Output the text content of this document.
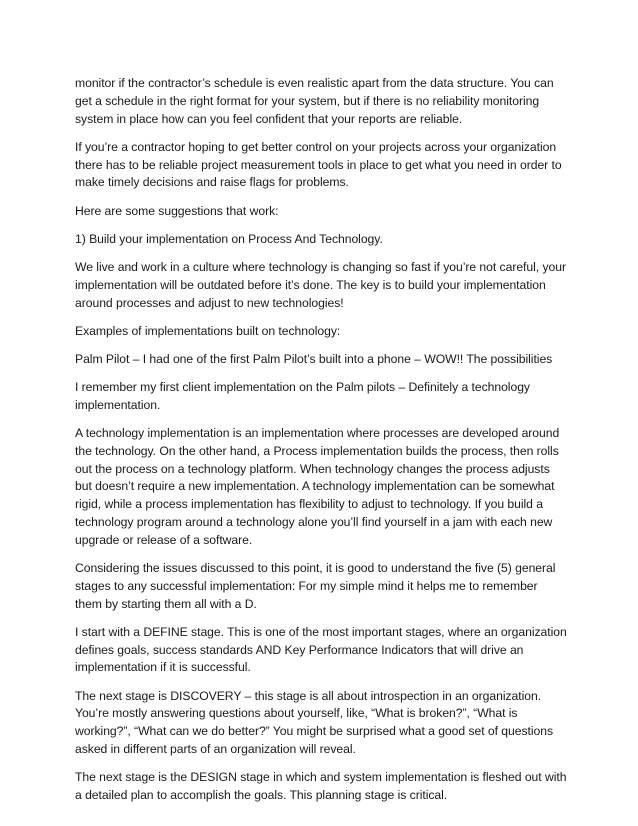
monitor if the contractor’s schedule is even realistic apart from the data structure. You can get a schedule in the right format for your system, but if there is no reliability monitoring system in place how can you feel confident that your reports are reliable.

If you’re a contractor hoping to get better control on your projects across your organization there has to be reliable project measurement tools in place to get what you need in order to make timely decisions and raise flags for problems.

Here are some suggestions that work:

1) Build your implementation on Process And Technology.

We live and work in a culture where technology is changing so fast if you’re not careful, your implementation will be outdated before it’s done. The key is to build your implementation around processes and adjust to new technologies!

Examples of implementations built on technology:

Palm Pilot – I had one of the first Palm Pilot’s built into a phone – WOW!! The possibilities

I remember my first client implementation on the Palm pilots – Definitely a technology implementation.

A technology implementation is an implementation where processes are developed around the technology. On the other hand, a Process implementation builds the process, then rolls out the process on a technology platform. When technology changes the process adjusts but doesn’t require a new implementation. A technology implementation can be somewhat rigid, while a process implementation has flexibility to adjust to technology. If you build a technology program around a technology alone you’ll find yourself in a jam with each new upgrade or release of a software.

Considering the issues discussed to this point, it is good to understand the five (5) general stages to any successful implementation: For my simple mind it helps me to remember them by starting them all with a D.

I start with a DEFINE stage. This is one of the most important stages, where an organization defines goals, success standards AND Key Performance Indicators that will drive an implementation if it is successful.

The next stage is DISCOVERY – this stage is all about introspection in an organization. You’re mostly answering questions about yourself, like, “What is broken?”, “What is working?”, “What can we do better?” You might be surprised what a good set of questions asked in different parts of an organization will reveal.

The next stage is the DESIGN stage in which and system implementation is fleshed out with a detailed plan to accomplish the goals. This planning stage is critical.
